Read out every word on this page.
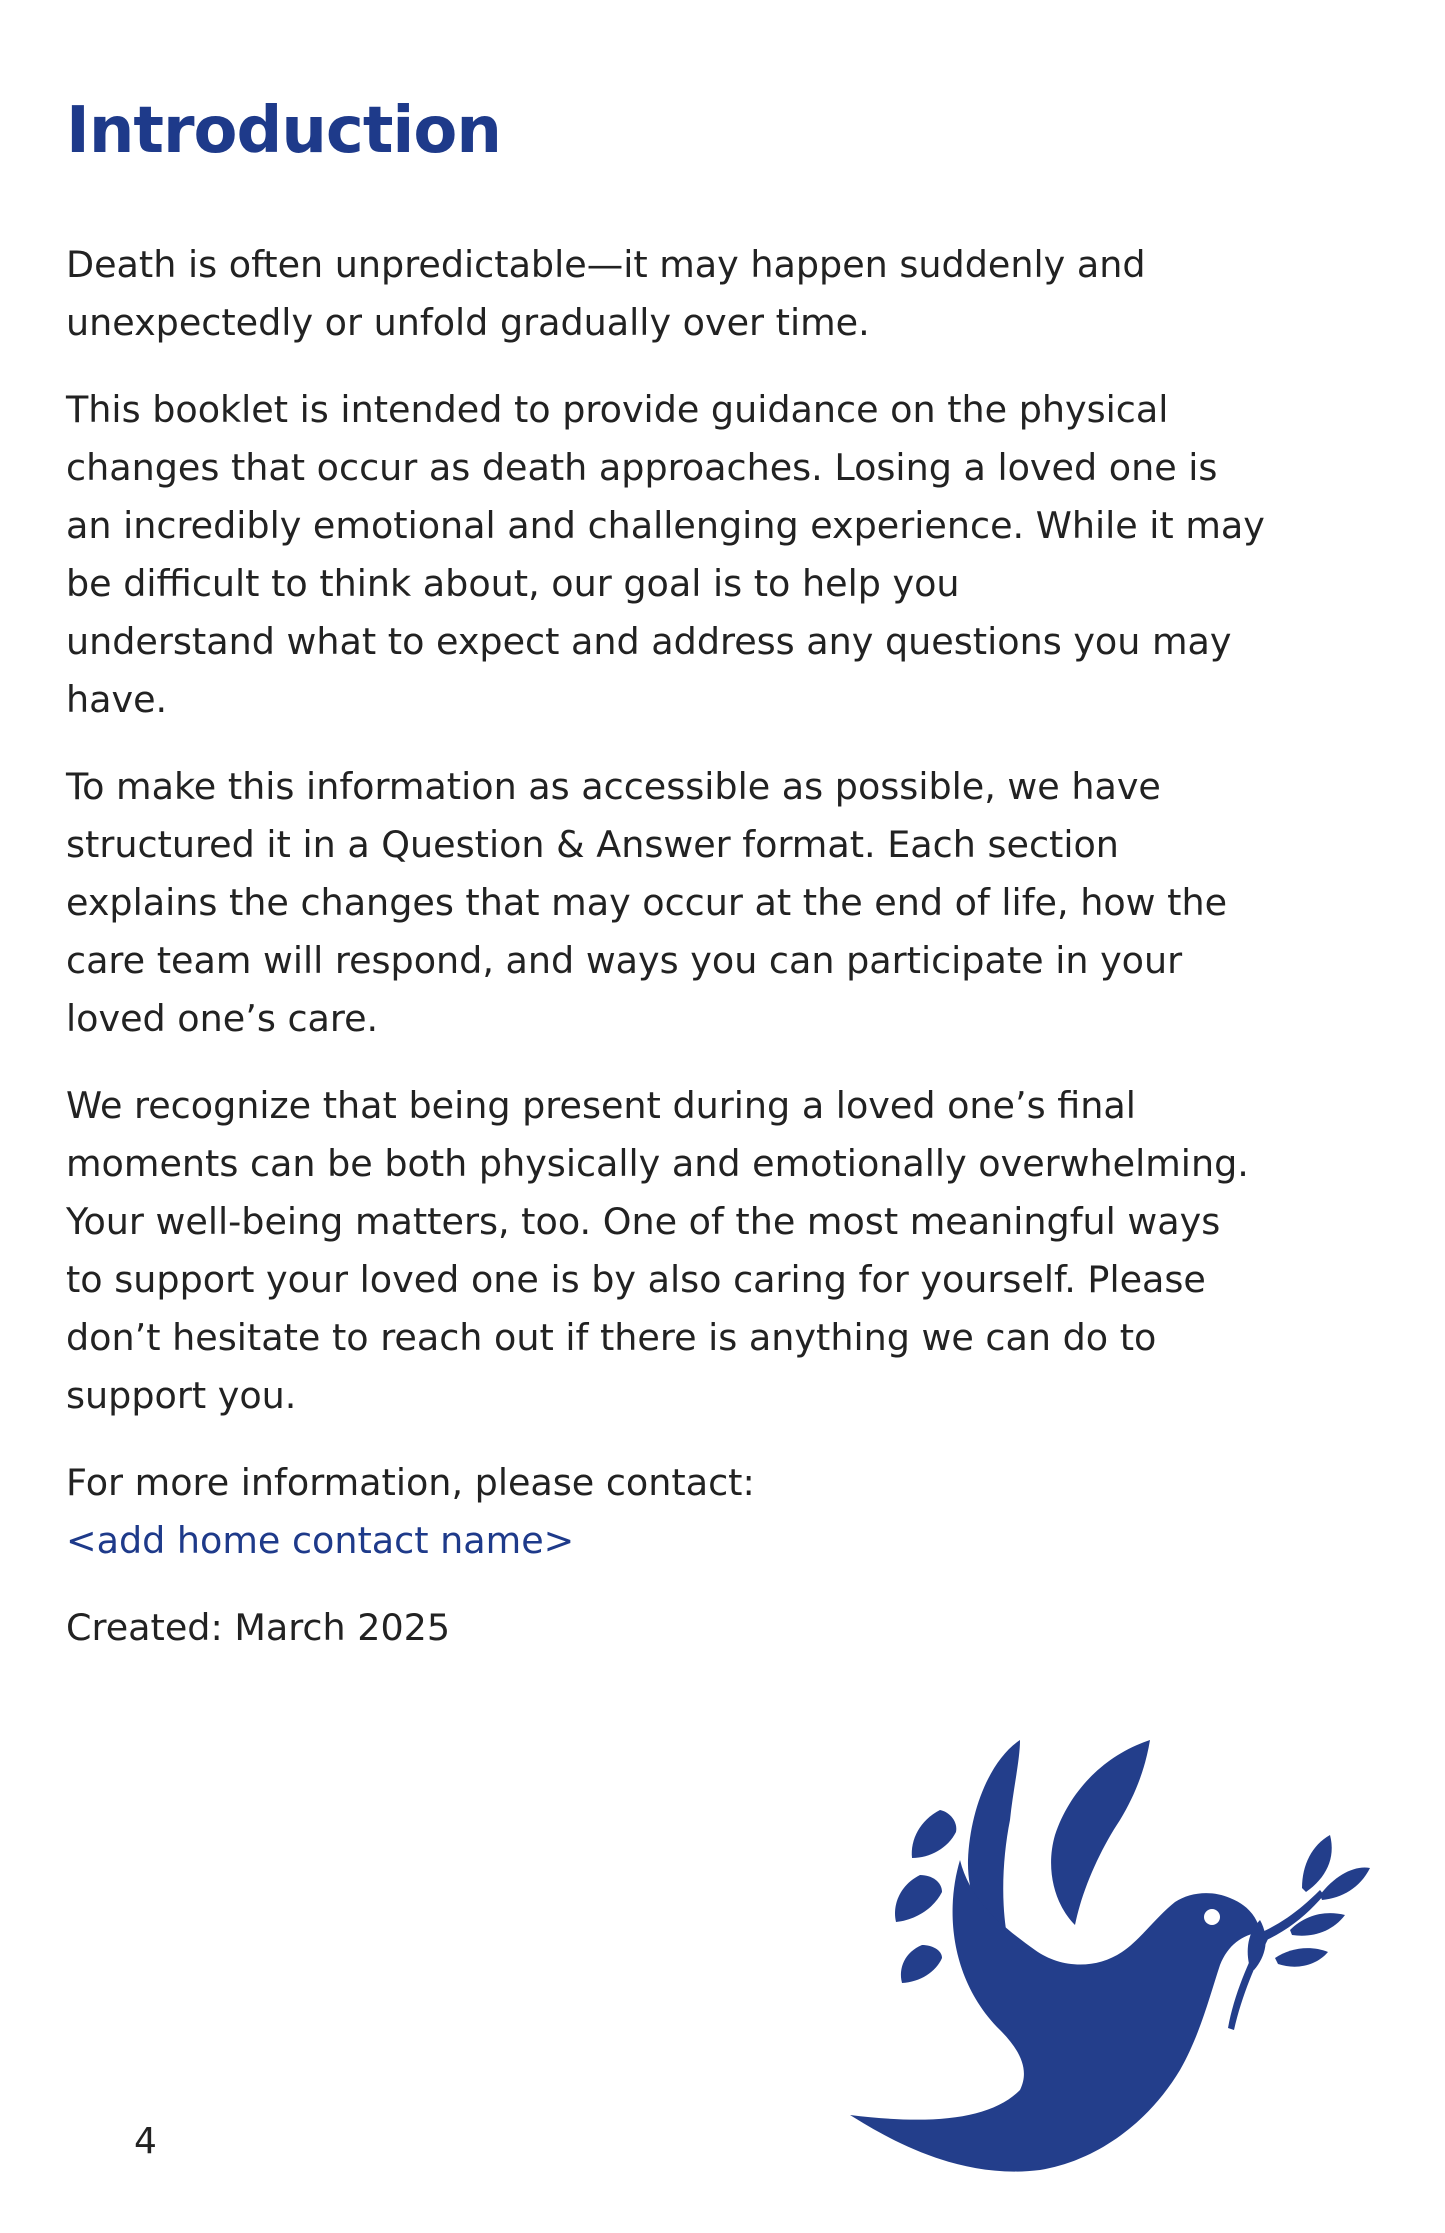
Introduction

Death is often unpredictable—it may happen suddenly and
unexpectedly or unfold gradually over time.

This booklet is intended to provide guidance on the physical
changes that occur as death approaches. Losing a loved one is
an incredibly emotional and challenging experience. While it may
be difficult to think about, our goal is to help you
understand what to expect and address any questions you may
have.

To make this information as accessible as possible, we have
structured it in a Question & Answer format. Each section
explains the changes that may occur at the end of life, how the
care team will respond, and ways you can participate in your
loved one’s care.

We recognize that being present during a loved one’s final
moments can be both physically and emotionally overwhelming.
Your well-being matters, too. One of the most meaningful ways
to support your loved one is by also caring for yourself. Please
don’t hesitate to reach out if there is anything we can do to
support you.

For more information, please contact:
<add home contact name>

Created: March 2025

4
